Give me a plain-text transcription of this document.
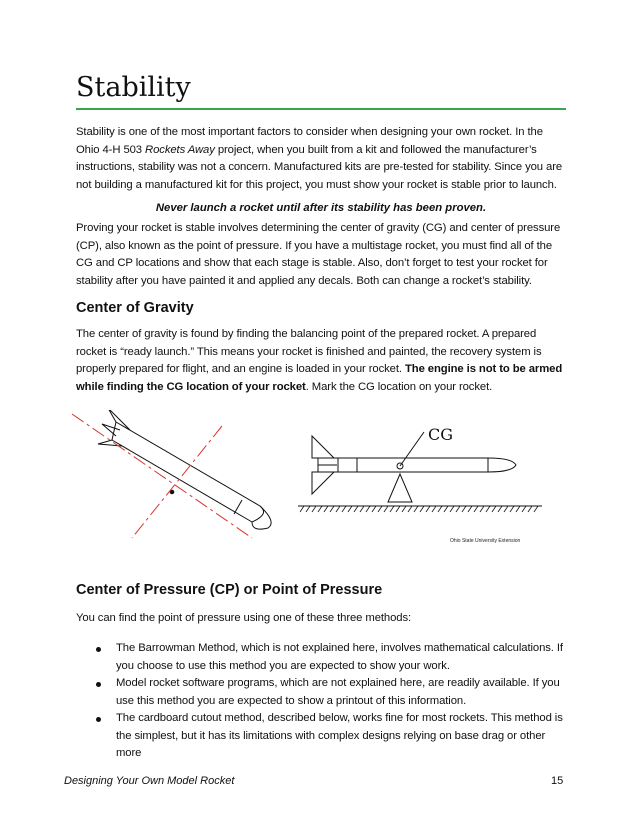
Stability

Stability is one of the most important factors to consider when designing your own rocket. In the Ohio 4-H 503 Rockets Away project, when you built from a kit and followed the manufacturer’s instructions, stability was not a concern. Manufactured kits are pre-tested for stability. Since you are not building a manufactured kit for this project, you must show your rocket is stable prior to launch.

Never launch a rocket until after its stability has been proven.

Proving your rocket is stable involves determining the center of gravity (CG) and center of pressure (CP), also known as the point of pressure. If you have a multistage rocket, you must find all of the CG and CP locations and show that each stage is stable. Also, don’t forget to test your rocket for stability after you have painted it and applied any decals. Both can change a rocket’s stability.

Center of Gravity

The center of gravity is found by finding the balancing point of the prepared rocket. A prepared rocket is “ready launch.” This means your rocket is finished and painted, the recovery system is properly prepared for flight, and an engine is loaded in your rocket. The engine is not to be armed while finding the CG location of your rocket. Mark the CG location on your rocket.

CG
Ohio State University Extension
Center of Pressure (CP) or Point of Pressure

You can find the point of pressure using one of these three methods:

The Barrowman Method, which is not explained here, involves mathematical calculations. If you choose to use this method you are expected to show your work.
Model rocket software programs, which are not explained here, are readily available. If you use this method you are expected to show a printout of this information.
The cardboard cutout method, described below, works fine for most rockets. This method is the simplest, but it has its limitations with complex designs relying on base drag or other more
Designing Your Own Model Rocket	15
